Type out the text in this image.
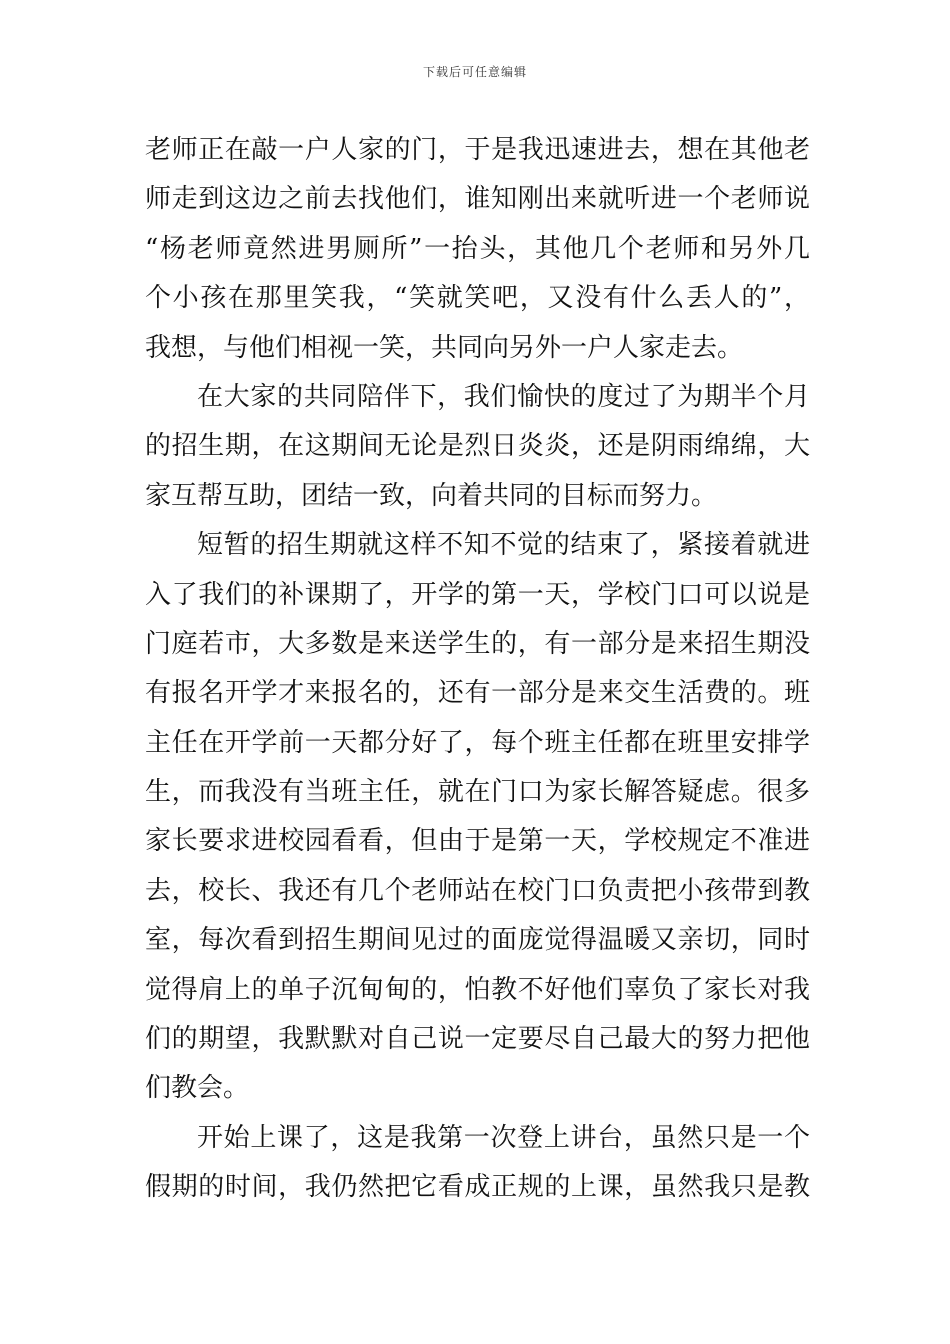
下载后可任意编辑
老师正在敲一户人家的门，于是我迅速进去，想在其他老
师走到这边之前去找他们，谁知刚出来就听进一个老师说
“杨老师竟然进男厕所”一抬头，其他几个老师和另外几
个小孩在那里笑我，“笑就笑吧，又没有什么丢人的”，
我想，与他们相视一笑，共同向另外一户人家走去。
在大家的共同陪伴下，我们愉快的度过了为期半个月
的招生期，在这期间无论是烈日炎炎，还是阴雨绵绵，大
家互帮互助，团结一致，向着共同的目标而努力。
短暂的招生期就这样不知不觉的结束了，紧接着就进
入了我们的补课期了，开学的第一天，学校门口可以说是
门庭若市，大多数是来送学生的，有一部分是来招生期没
有报名开学才来报名的，还有一部分是来交生活费的。班
主任在开学前一天都分好了，每个班主任都在班里安排学
生，而我没有当班主任，就在门口为家长解答疑虑。很多
家长要求进校园看看，但由于是第一天，学校规定不准进
去，校长、我还有几个老师站在校门口负责把小孩带到教
室，每次看到招生期间见过的面庞觉得温暖又亲切，同时
觉得肩上的单子沉甸甸的，怕教不好他们辜负了家长对我
们的期望，我默默对自己说一定要尽自己最大的努力把他
们教会。
开始上课了，这是我第一次登上讲台，虽然只是一个
假期的时间，我仍然把它看成正规的上课，虽然我只是教
